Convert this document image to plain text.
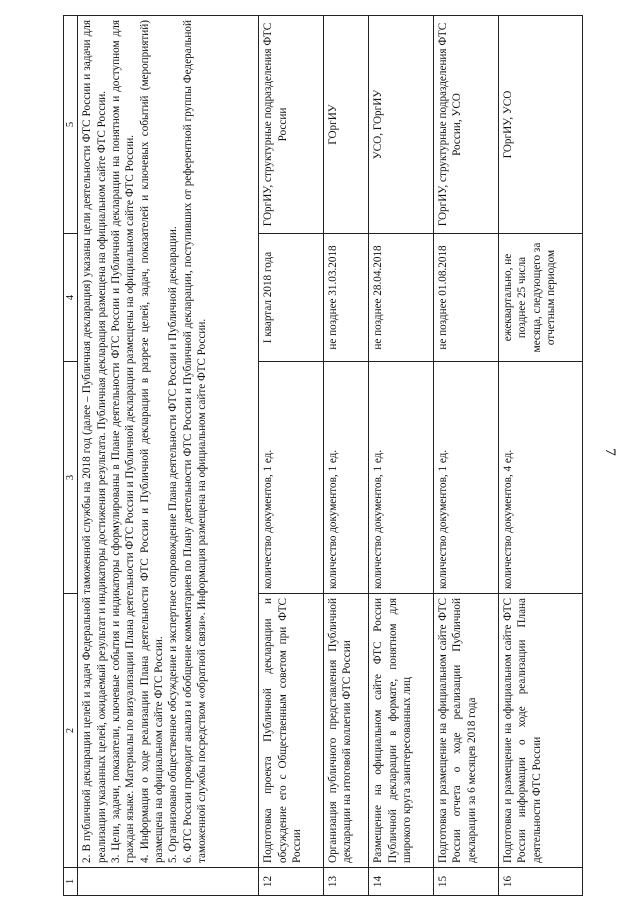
7
1	2	3	4	5

	2. В публичной декларации целей и задач Федеральной таможенной службы на 2018 год (далее – Публичная декларация) указаны цели деятельности ФТС России и задачи для реализации указанных целей, ожидаемый результат и индикаторы достижения результата. Публичная декларация размещена на официальном сайте ФТС России. 3. Цели, задачи, показатели, ключевые события и индикаторы сформулированы в Плане деятельности ФТС России и Публичной декларации на понятном и доступном для граждан языке. Материалы по визуализации Плана деятельности ФТС России и Публичной декларации размещены на официальном сайте ФТС России. 4. Информация о ходе реализации Плана деятельности ФТС России и Публичной декларации в разрезе целей, задач, показателей и ключевых событий (мероприятий) размещена на официальном сайте ФТС России. 5. Организовано общественное обсуждение и экспертное сопровождение Плана деятельности ФТС России и Публичной декларации. 6. ФТС России проводит анализ и обобщение комментариев по Плану деятельности ФТС России и Публичной декларации, поступивших от референтной группы Федеральной таможенной службы посредством «обратной связи». Информация размещена на официальном сайте ФТС России.			

12	Подготовка проекта Публичной декларации и обсуждение его с Общественным советом при ФТС России	количество документов, 1 ед.	I квартал 2018 года	ГОргИУ, структурные подразделения ФТС России
13	Организация публичного представления Публичной декларации на итоговой коллегии ФТС России	количество документов, 1 ед.	не позднее 31.03.2018	ГОргИУ
14	Размещение на официальном сайте ФТС России Публичной декларации в формате, понятном для широкого круга заинтересованных лиц	количество документов, 1 ед.	не позднее 28.04.2018	УСО, ГОргИУ
15	Подготовка и размещение на официальном сайте ФТС России отчета о ходе реализации Публичной декларации за 6 месяцев 2018 года	количество документов, 1 ед.	не позднее 01.08.2018	ГОргИУ, структурные подразделения ФТС России, УСО
16	Подготовка и размещение на официальном сайте ФТС России информации о ходе реализации Плана деятельности ФТС России	количество документов, 4 ед.	ежеквартально, не позднее 25 числа месяца, следующего за отчетным периодом	ГОргИУ, УСО
